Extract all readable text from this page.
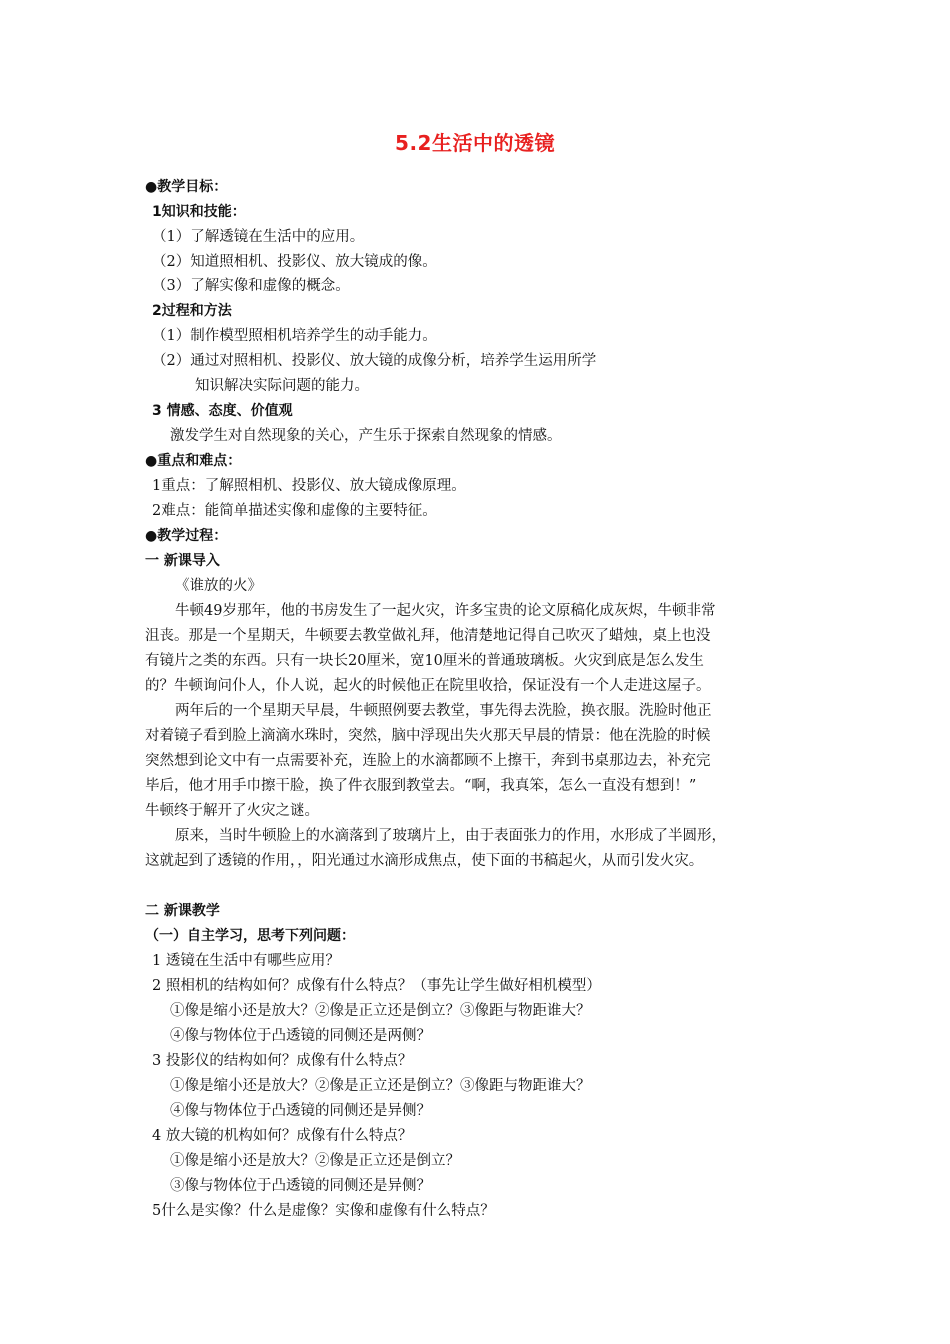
5.2生活中的透镜
●教学目标：
1知识和技能：
（1）了解透镜在生活中的应用。
（2）知道照相机、投影仪、放大镜成的像。
（3）了解实像和虚像的概念。
2过程和方法
（1）制作模型照相机培养学生的动手能力。
（2）通过对照相机、投影仪、放大镜的成像分析，培养学生运用所学
知识解决实际问题的能力。
3 情感、态度、价值观
激发学生对自然现象的关心，产生乐于探索自然现象的情感。
●重点和难点：
1重点：了解照相机、投影仪、放大镜成像原理。
2难点：能简单描述实像和虚像的主要特征。
●教学过程：
一 新课导入
《谁放的火》
牛顿49岁那年，他的书房发生了一起火灾，许多宝贵的论文原稿化成灰烬，牛顿非常
沮丧。那是一个星期天，牛顿要去教堂做礼拜，他清楚地记得自己吹灭了蜡烛，桌上也没
有镜片之类的东西。只有一块长20厘米，宽10厘米的普通玻璃板。火灾到底是怎么发生
的？牛顿询问仆人，仆人说，起火的时候他正在院里收拾，保证没有一个人走进这屋子。
两年后的一个星期天早晨，牛顿照例要去教堂，事先得去洗脸，换衣服。洗脸时他正
对着镜子看到脸上滴滴水珠时，突然，脑中浮现出失火那天早晨的情景：他在洗脸的时候
突然想到论文中有一点需要补充，连脸上的水滴都顾不上擦干，奔到书桌那边去，补充完
毕后，他才用手巾擦干脸，换了件衣服到教堂去。“啊，我真笨，怎么一直没有想到！”
牛顿终于解开了火灾之谜。
原来，当时牛顿脸上的水滴落到了玻璃片上，由于表面张力的作用，水形成了半圆形，
这就起到了透镜的作用，，阳光通过水滴形成焦点，使下面的书稿起火，从而引发火灾。
二 新课教学
（一）自主学习，思考下列问题：
1 透镜在生活中有哪些应用？
2 照相机的结构如何？成像有什么特点？（事先让学生做好相机模型）
①像是缩小还是放大？②像是正立还是倒立？③像距与物距谁大？
④像与物体位于凸透镜的同侧还是两侧？
3 投影仪的结构如何？成像有什么特点？
①像是缩小还是放大？②像是正立还是倒立？③像距与物距谁大？
④像与物体位于凸透镜的同侧还是异侧？
4 放大镜的机构如何？成像有什么特点？
①像是缩小还是放大？②像是正立还是倒立？
③像与物体位于凸透镜的同侧还是异侧？
5什么是实像？什么是虚像？实像和虚像有什么特点？
